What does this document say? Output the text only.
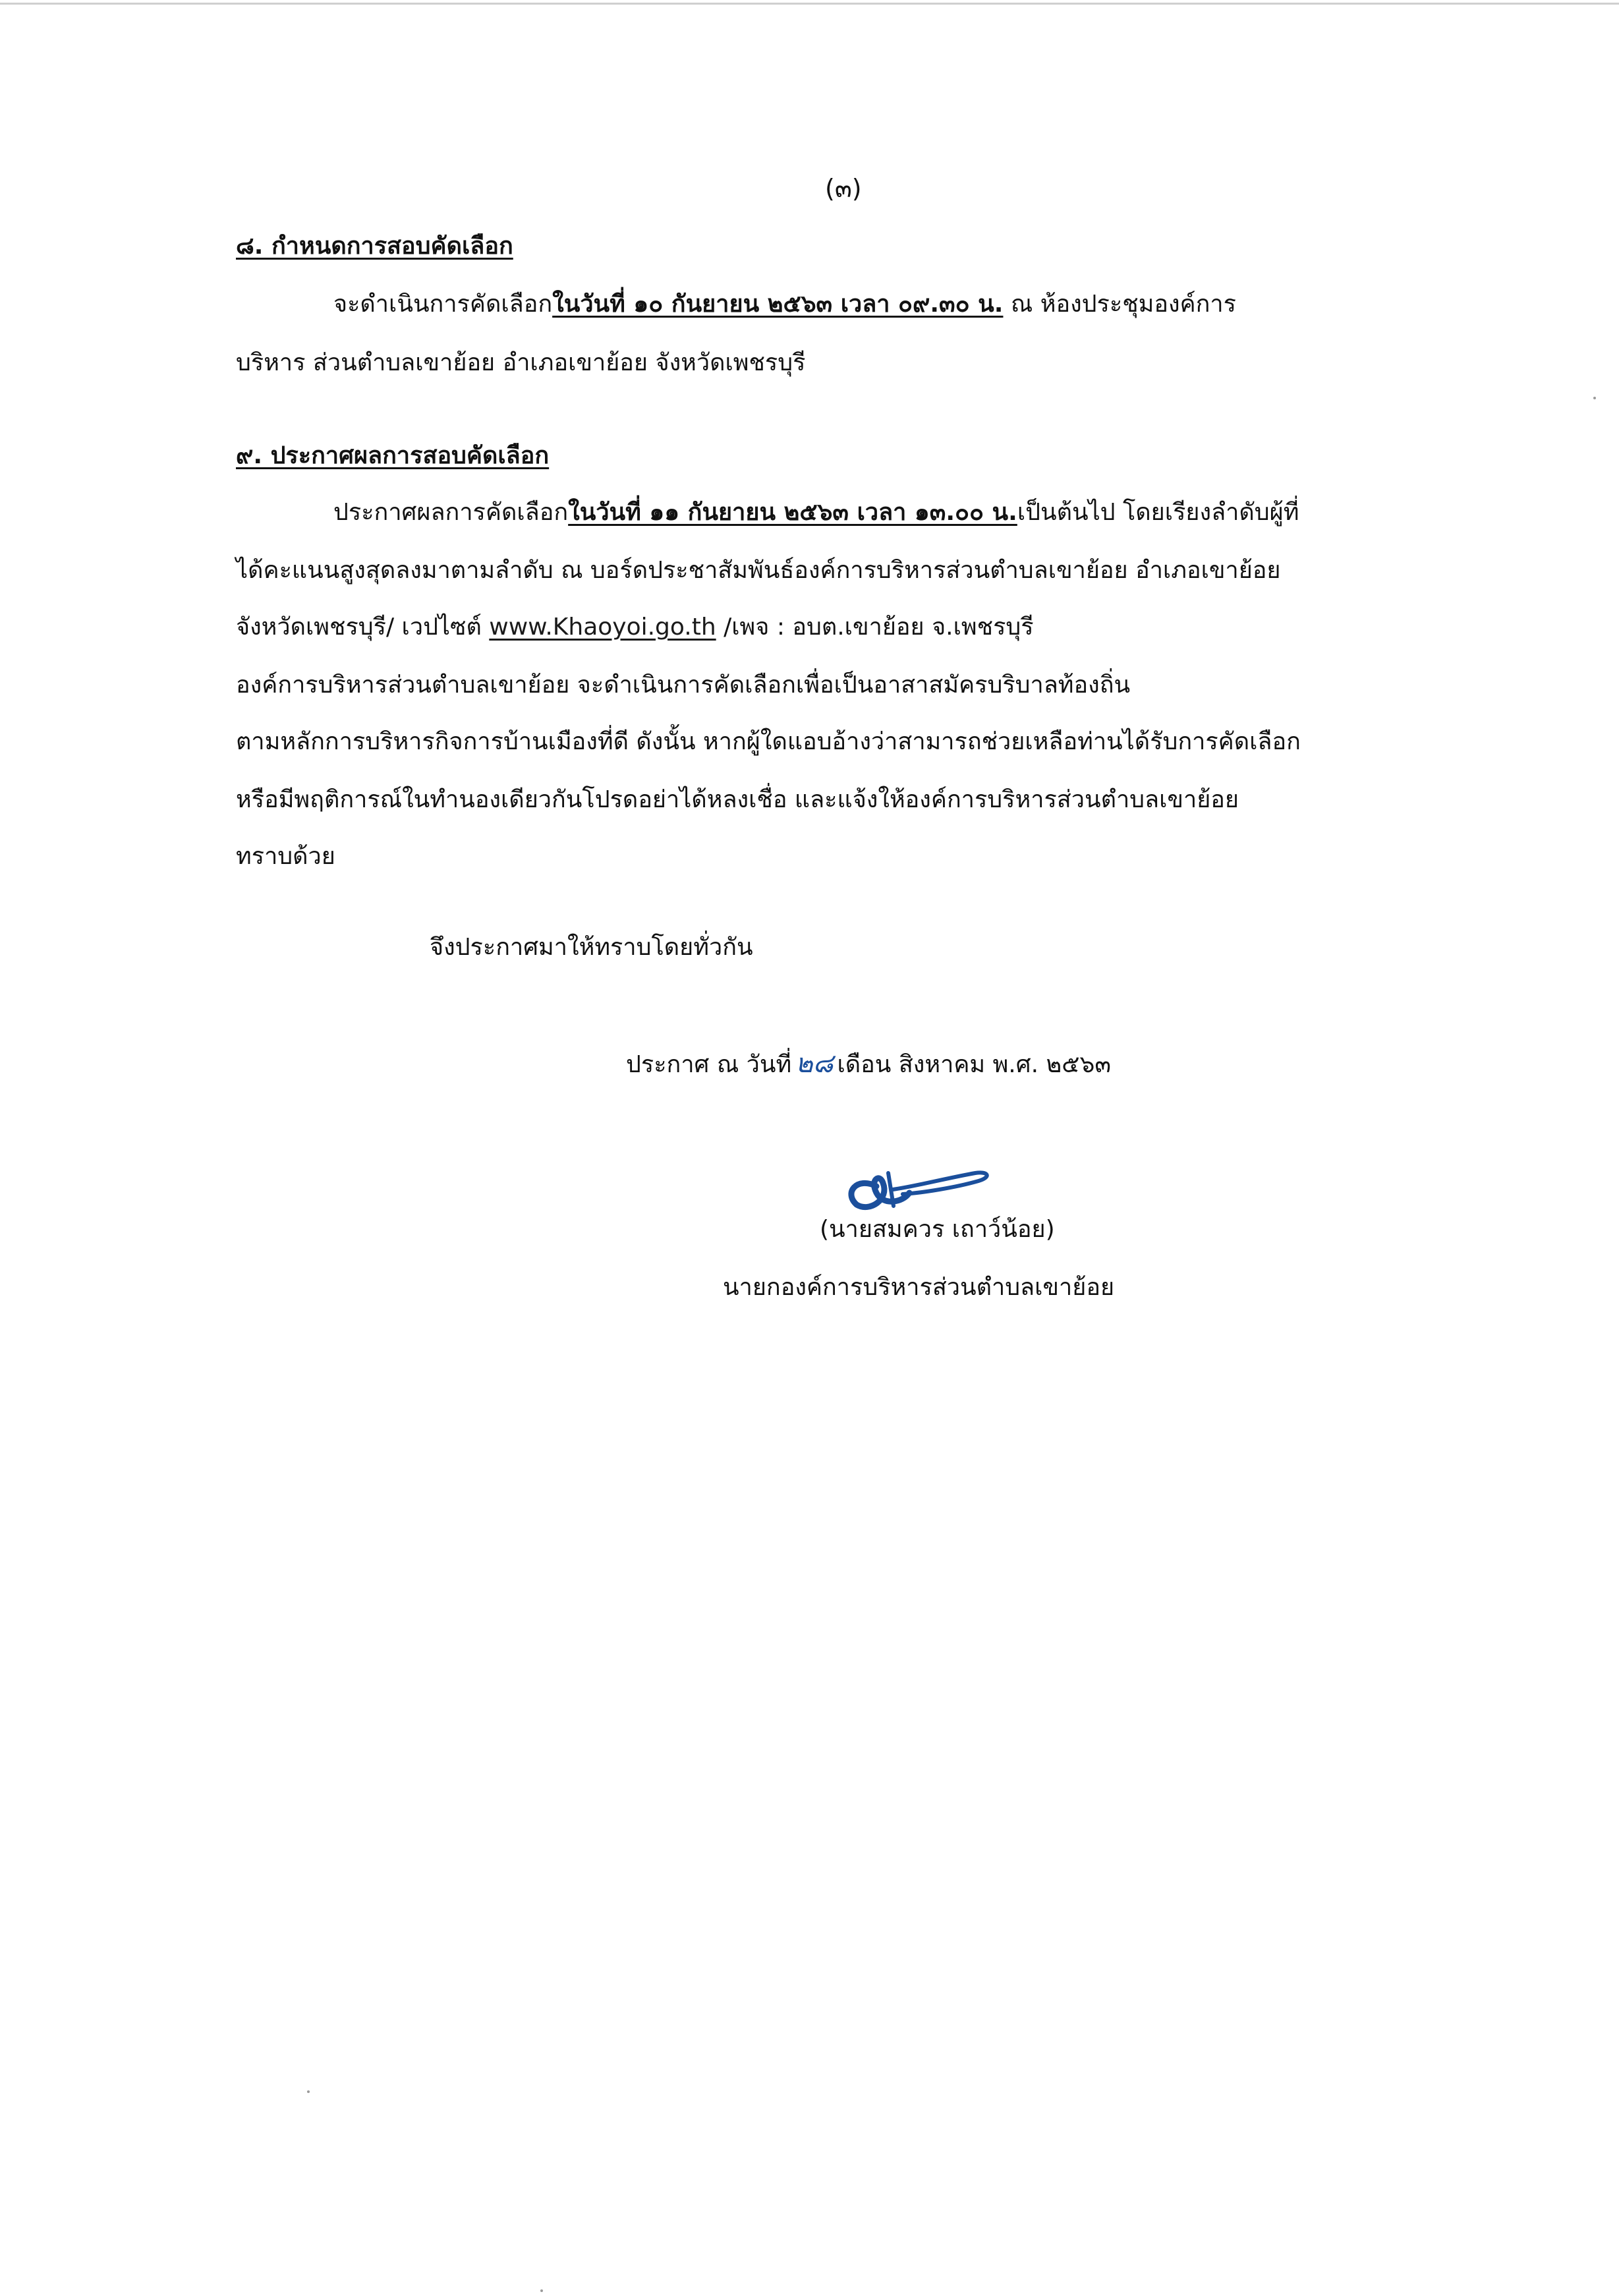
(๓)
๘. กำหนดการสอบคัดเลือก
จะดำเนินการคัดเลือกในวันที่ ๑๐ กันยายน ๒๕๖๓ เวลา ๐๙.๓๐ น. ณ ห้องประชุมองค์การ
บริหาร ส่วนตำบลเขาย้อย อำเภอเขาย้อย จังหวัดเพชรบุรี
๙. ประกาศผลการสอบคัดเลือก
ประกาศผลการคัดเลือกในวันที่ ๑๑ กันยายน ๒๕๖๓ เวลา ๑๓.๐๐ น.เป็นต้นไป โดยเรียงลำดับผู้ที่
ได้คะแนนสูงสุดลงมาตามลำดับ ณ บอร์ดประชาสัมพันธ์องค์การบริหารส่วนตำบลเขาย้อย อำเภอเขาย้อย
จังหวัดเพชรบุรี/ เวปไซต์ www.Khaoyoi.go.th /เพจ : อบต.เขาย้อย จ.เพชรบุรี
องค์การบริหารส่วนตำบลเขาย้อย จะดำเนินการคัดเลือกเพื่อเป็นอาสาสมัครบริบาลท้องถิ่น
ตามหลักการบริหารกิจการบ้านเมืองที่ดี ดังนั้น หากผู้ใดแอบอ้างว่าสามารถช่วยเหลือท่านได้รับการคัดเลือก
หรือมีพฤติการณ์ในทำนองเดียวกันโปรดอย่าได้หลงเชื่อ และแจ้งให้องค์การบริหารส่วนตำบลเขาย้อย
ทราบด้วย
จึงประกาศมาให้ทราบโดยทั่วกัน
ประกาศ ณ วันที่ ๒๘ เดือน สิงหาคม พ.ศ. ๒๕๖๓
(นายสมควร เถาว์น้อย)
นายกองค์การบริหารส่วนตำบลเขาย้อย
